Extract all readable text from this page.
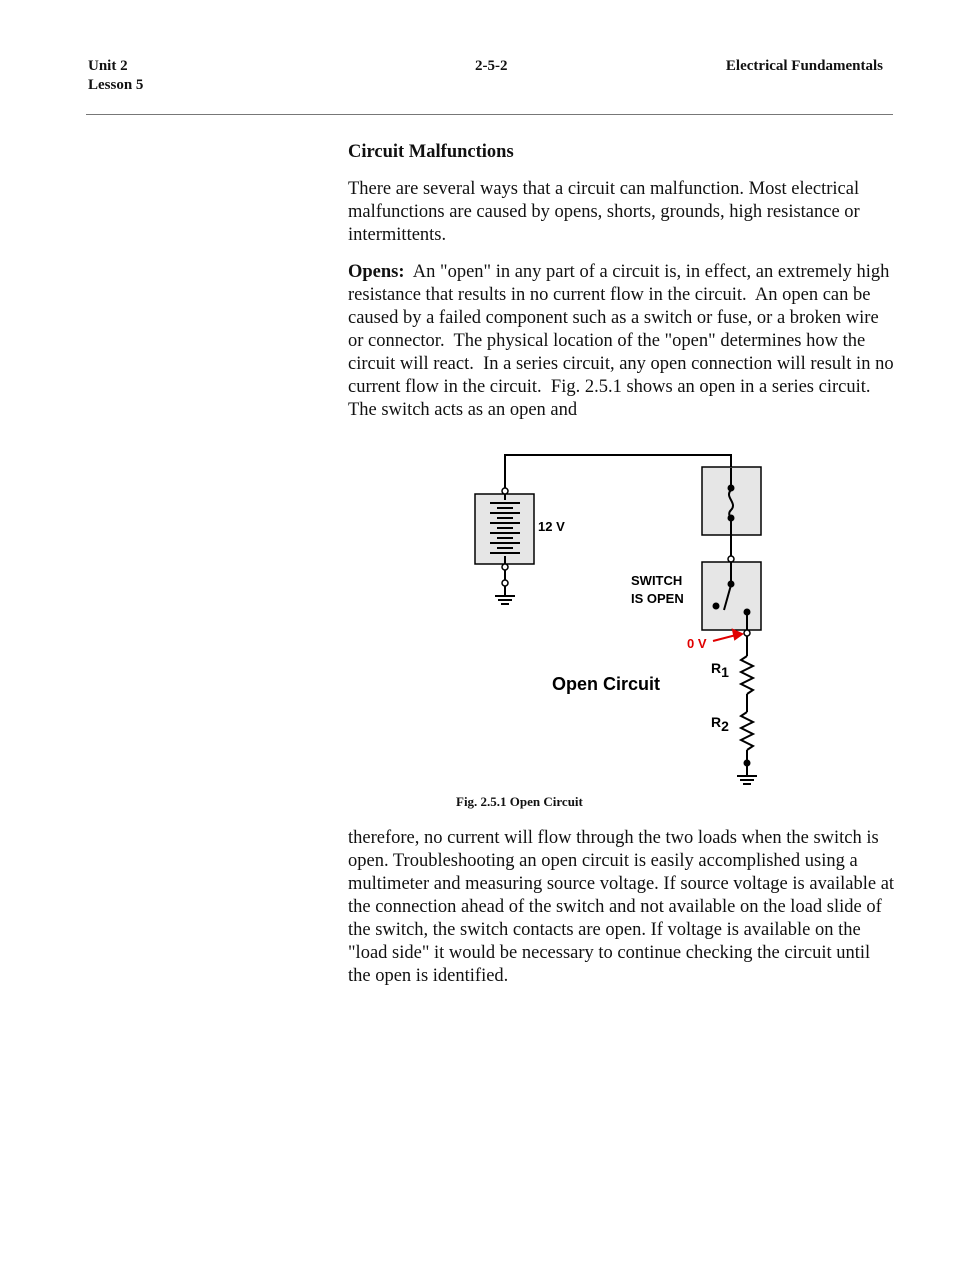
Unit 2
Lesson 5
2-5-2	Electrical Fundamentals
Circuit Malfunctions

There are several ways that a circuit can malfunction. Most electrical malfunctions are caused by opens, shorts, grounds, high resistance or intermittents.

Opens:  An "open" in any part of a circuit is, in effect, an extremely high resistance that results in no current flow in the circuit.  An open can be caused by a failed component such as a switch or fuse, or a broken wire or connector.  The physical location of the "open" determines how the circuit will react.  In a series circuit, any open connection will result in no current flow in the circuit.  Fig. 2.5.1 shows an open in a series circuit.  The switch acts as an open and

12 V
SWITCH
IS OPEN
0 V
R1
R2
Open Circuit
Fig. 2.5.1 Open Circuit

therefore, no current will flow through the two loads when the switch is open. Troubleshooting an open circuit is easily accomplished using a multimeter and measuring source voltage. If source voltage is available at the connection ahead of the switch and not available on the load slide of the switch, the switch contacts are open. If voltage is available on the "load side" it would be necessary to continue checking the circuit until the open is identified.
